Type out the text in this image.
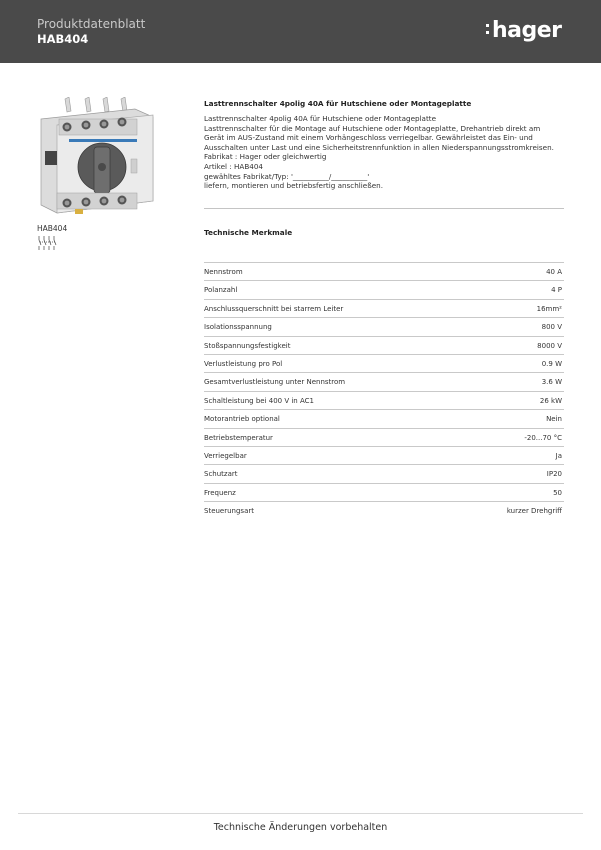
Produktdatenblatt
HAB404	hager
HAB404
Lasttrennschalter 4polig 40A für Hutschiene oder Montageplatte
Lasttrennschalter 4polig 40A für Hutschiene oder Montageplatte
Lasttrennschalter für die Montage auf Hutschiene oder Montageplatte, Drehantrieb direkt am
Gerät im AUS-Zustand mit einem Vorhängeschloss verriegelbar. Gewährleistet das Ein- und
Ausschalten unter Last und eine Sicherheitstrennfunktion in allen Niederspannungsstromkreisen.
Fabrikat : Hager oder gleichwertig
Artikel : HAB404
gewähltes Fabrikat/Typ: '__________/__________'
liefern, montieren und betriebsfertig anschließen.
Technische Merkmale
Nennstrom	40 A
Polanzahl	4 P
Anschlussquerschnitt bei starrem Leiter	16mm²
Isolationsspannung	800 V
Stoßspannungsfestigkeit	8000 V
Verlustleistung pro Pol	0.9 W
Gesamtverlustleistung unter Nennstrom	3.6 W
Schaltleistung bei 400 V in AC1	26 kW
Motorantrieb optional	Nein
Betriebstemperatur	-20...70 °C
Verriegelbar	Ja
Schutzart	IP20
Frequenz	50
Steuerungsart	kurzer Drehgriff
Technische Änderungen vorbehalten
